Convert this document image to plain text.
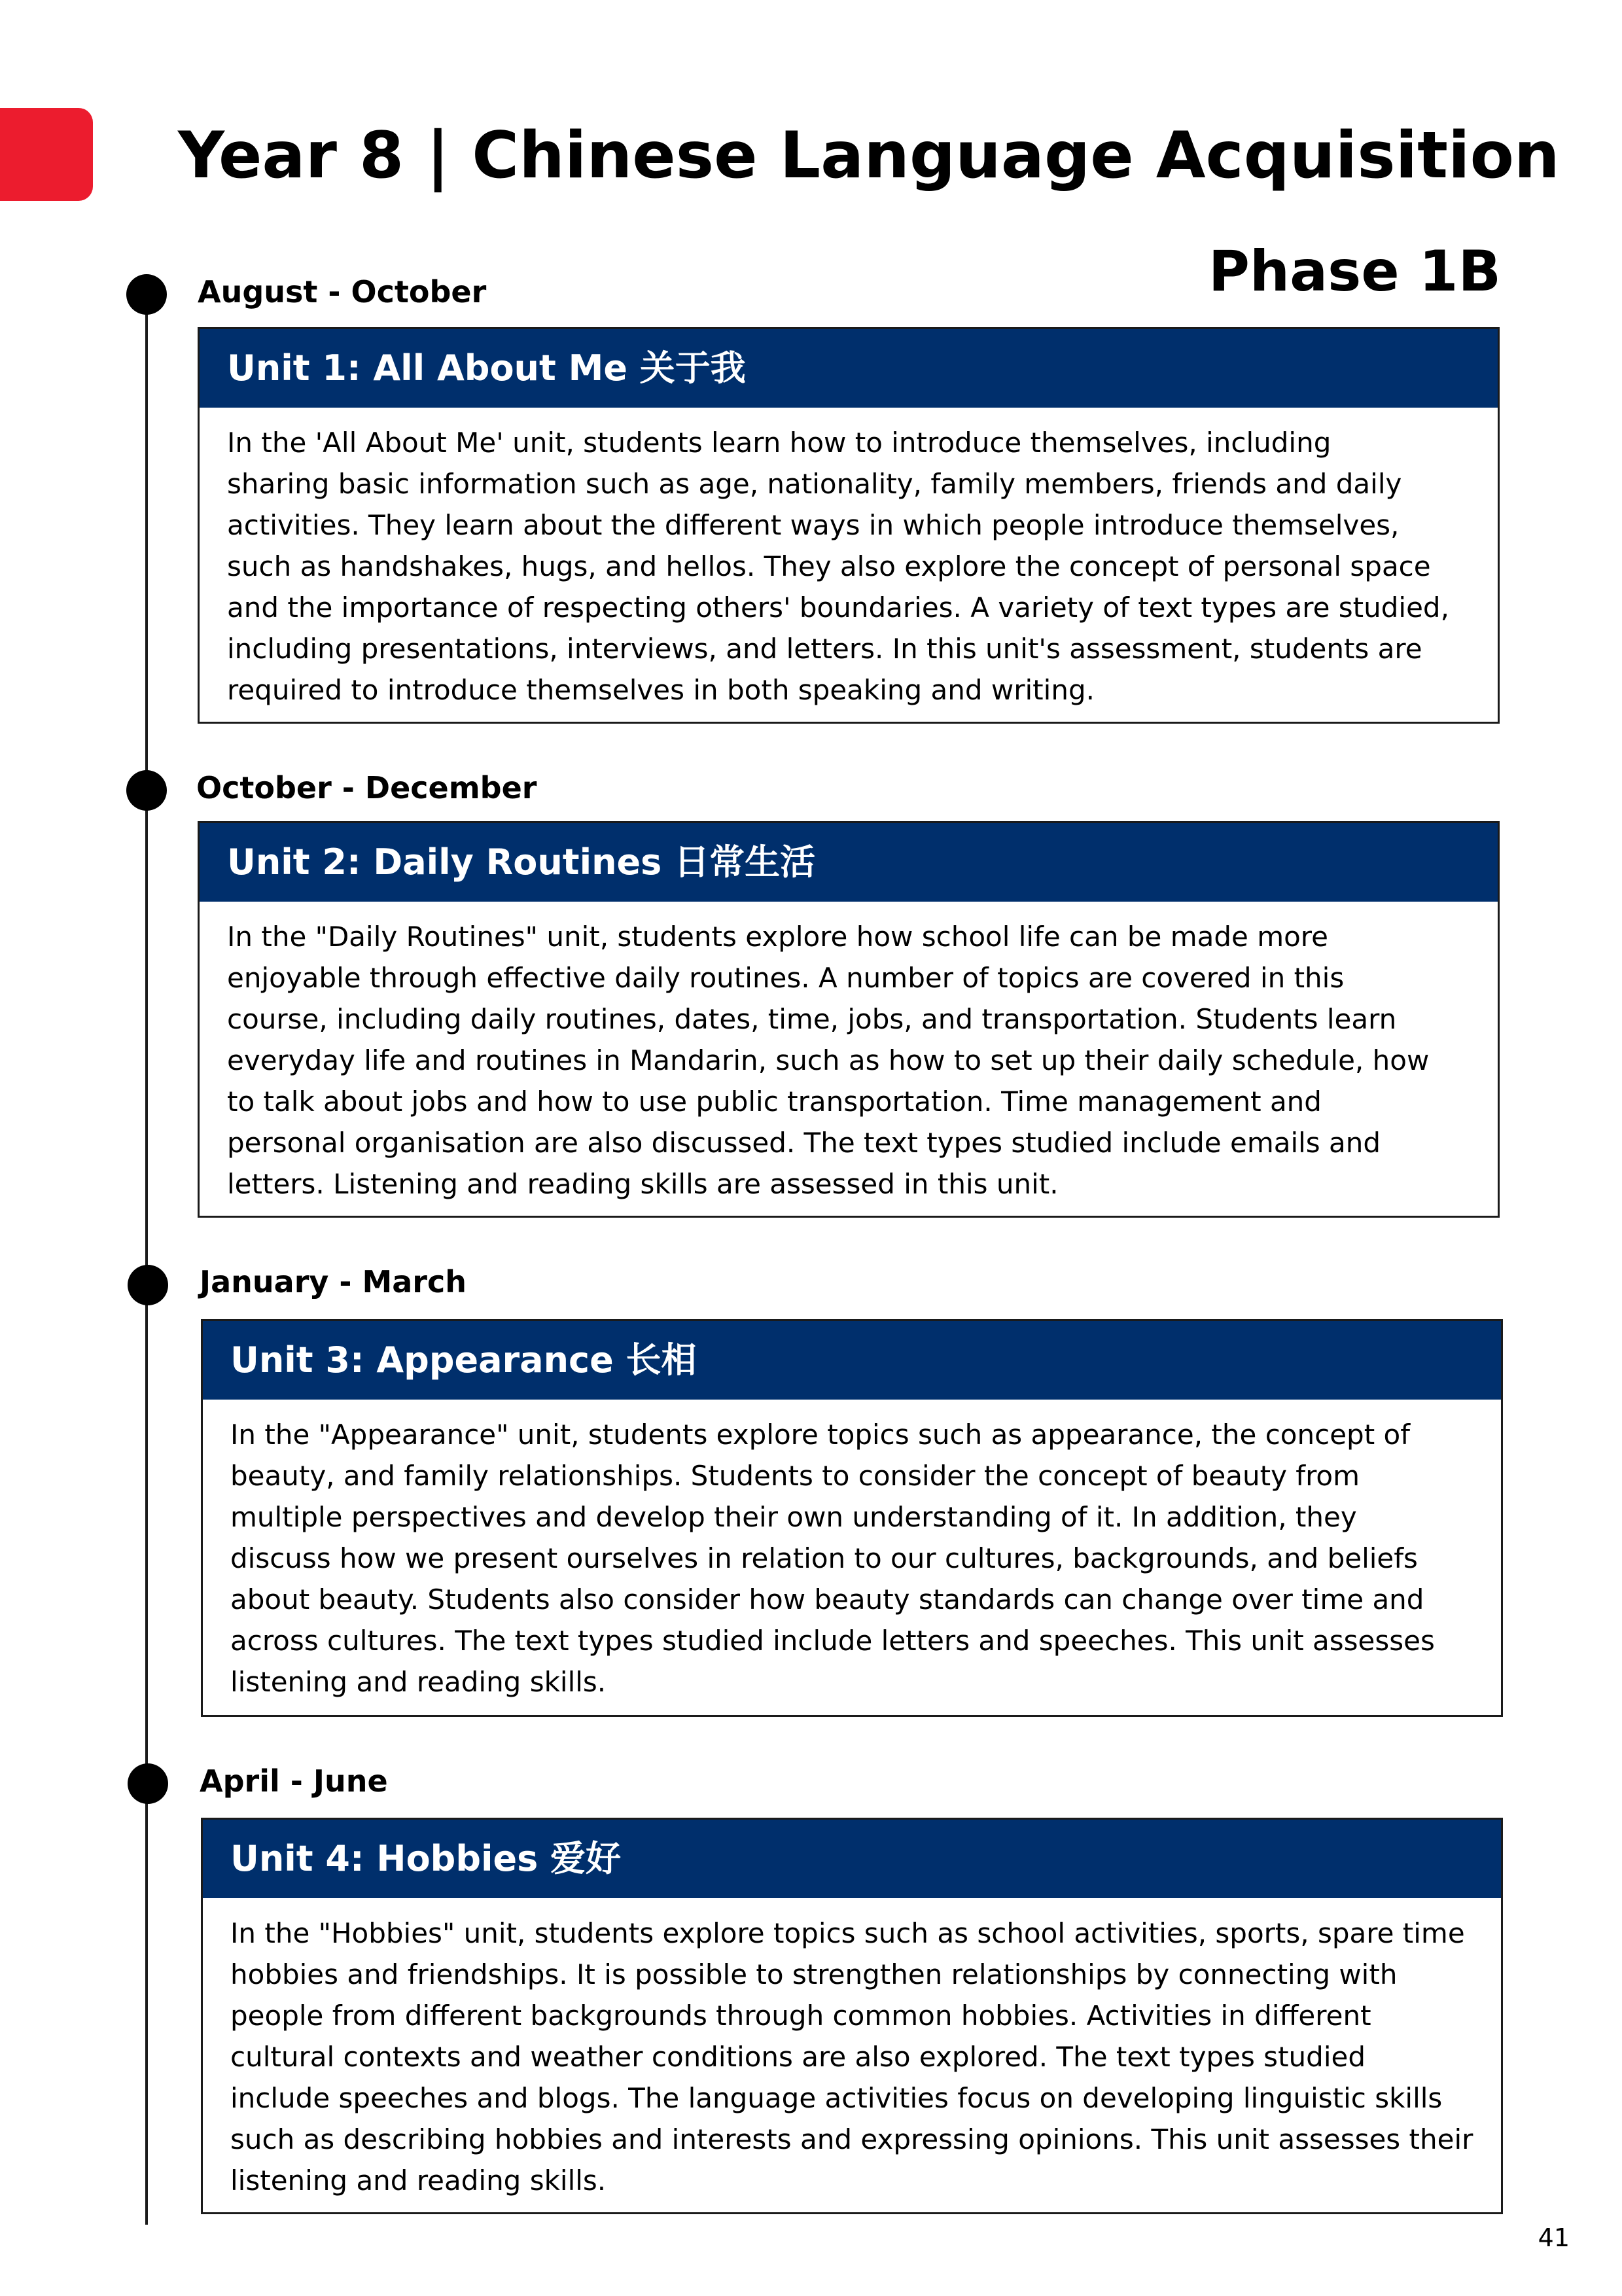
Year 8 | Chinese Language Acquisition
Phase 1B
August - October
Unit 1: All About Me 关于我
In the 'All About Me' unit, students learn how to introduce themselves, including
sharing basic information such as age, nationality, family members, friends and daily
activities. They learn about the different ways in which people introduce themselves,
such as handshakes, hugs, and hellos. They also explore the concept of personal space
and the importance of respecting others' boundaries. A variety of text types are studied,
including presentations, interviews, and letters. In this unit's assessment, students are
required to introduce themselves in both speaking and writing.
October - December
Unit 2: Daily Routines 日常生活
In the "Daily Routines" unit, students explore how school life can be made more
enjoyable through effective daily routines. A number of topics are covered in this
course, including daily routines, dates, time, jobs, and transportation. Students learn
everyday life and routines in Mandarin, such as how to set up their daily schedule, how
to talk about jobs and how to use public transportation. Time management and
personal organisation are also discussed. The text types studied include emails and
letters. Listening and reading skills are assessed in this unit.
January - March
Unit 3: Appearance 长相
In the "Appearance" unit, students explore topics such as appearance, the concept of
beauty, and family relationships. Students to consider the concept of beauty from
multiple perspectives and develop their own understanding of it. In addition, they
discuss how we present ourselves in relation to our cultures, backgrounds, and beliefs
about beauty. Students also consider how beauty standards can change over time and
across cultures. The text types studied include letters and speeches. This unit assesses
listening and reading skills.
April - June
Unit 4: Hobbies 爱好
In the "Hobbies" unit, students explore topics such as school activities, sports, spare time
hobbies and friendships. It is possible to strengthen relationships by connecting with
people from different backgrounds through common hobbies. Activities in different
cultural contexts and weather conditions are also explored. The text types studied
include speeches and blogs. The language activities focus on developing linguistic skills
such as describing hobbies and interests and expressing opinions. This unit assesses their
listening and reading skills.
41
